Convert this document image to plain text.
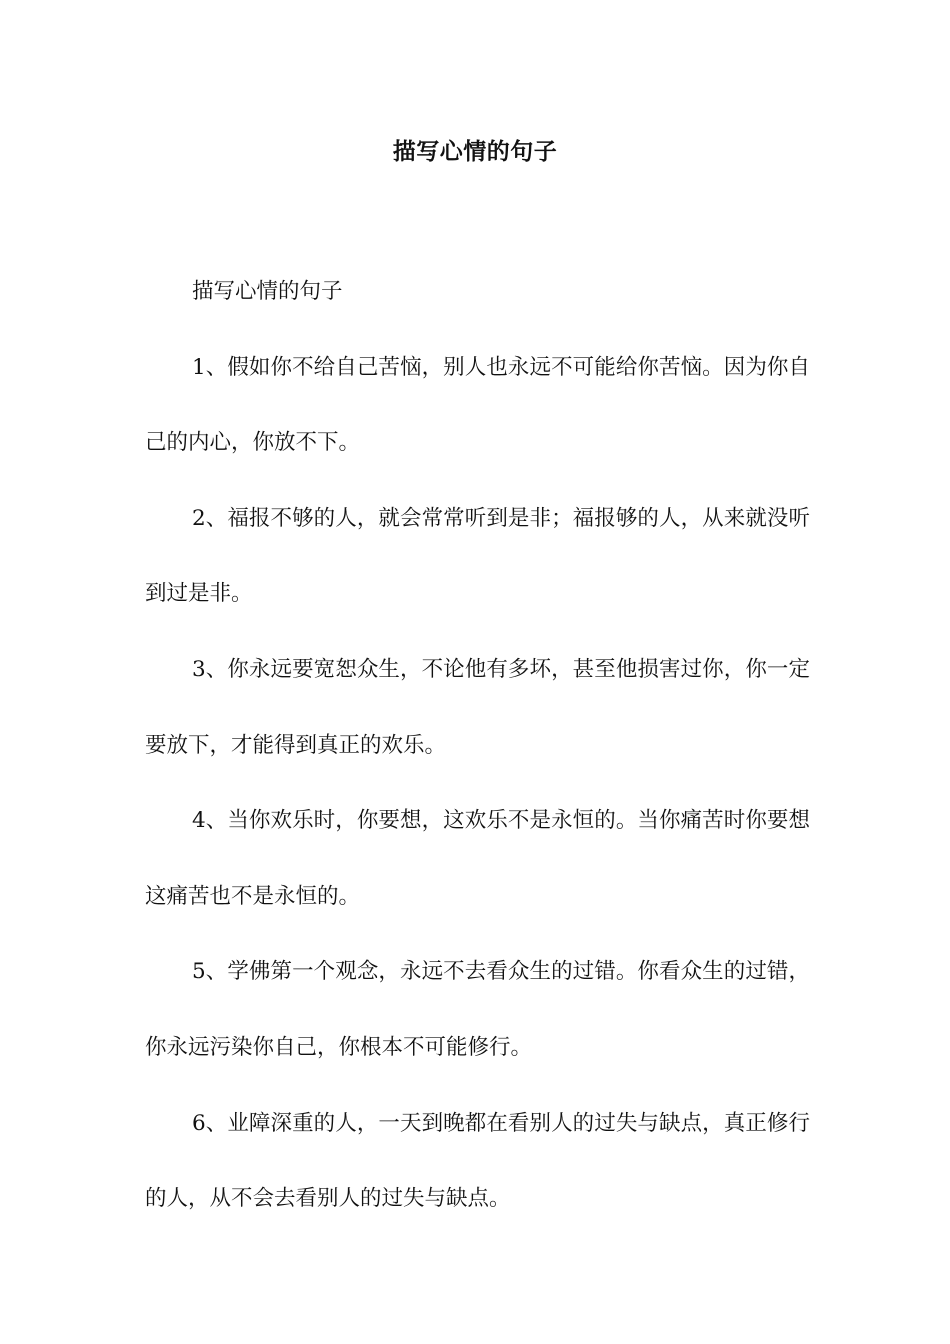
描写心情的句子

描写心情的句子

1、假如你不给自己苦恼，别人也永远不可能给你苦恼。因为你自己的内心，你放不下。

2、福报不够的人，就会常常听到是非；福报够的人，从来就没听到过是非。

3、你永远要宽恕众生，不论他有多坏，甚至他损害过你，你一定要放下，才能得到真正的欢乐。

4、当你欢乐时，你要想，这欢乐不是永恒的。当你痛苦时你要想这痛苦也不是永恒的。

5、学佛第一个观念，永远不去看众生的过错。你看众生的过错，你永远污染你自己，你根本不可能修行。

6、业障深重的人，一天到晚都在看别人的过失与缺点，真正修行的人，从不会去看别人的过失与缺点。
